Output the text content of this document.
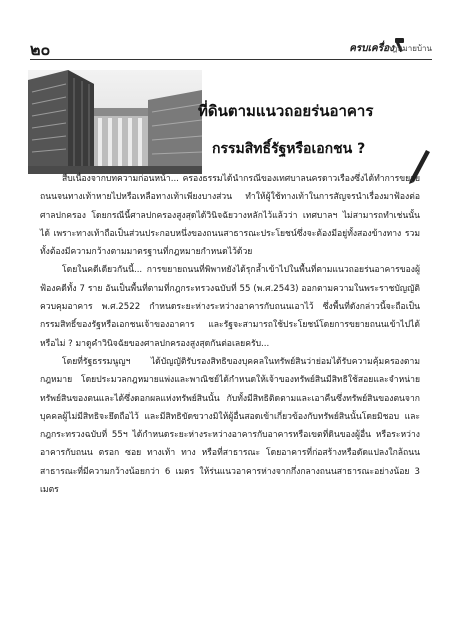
๒๐	ครบเครื่อง
กฎหมายบ้าน
ที่ดินตามแนวถอยร่นอาคาร
กรรมสิทธิ์รัฐหรือเอกชน ?

สืบเนื่องจากบทความก่อนหน้า... ครองธรรมได้นำกรณีของเทศบาลนครดาวเรืองซึ่งได้ทำการขยายถนนจนทางเท้าหายไปหรือเหลือทางเท้าเพียงบางส่วน ทำให้ผู้ใช้ทางเท้าในการสัญจรนำเรื่องมาฟ้องต่อศาลปกครอง โดยกรณีนี้ศาลปกครองสูงสุดได้วินิจฉัยวางหลักไว้แล้วว่า เทศบาลฯ ไม่สามารถทำเช่นนั้นได้ เพราะทางเท้าถือเป็นส่วนประกอบหนึ่งของถนนสาธารณะประโยชน์ซึ่งจะต้องมีอยู่ทั้งสองข้างทาง รวมทั้งต้องมีความกว้างตามมาตรฐานที่กฎหมายกำหนดไว้ด้วย

โดยในคดีเดียวกันนี้... การขยายถนนที่พิพาทยังได้รุกล้ำเข้าไปในพื้นที่ตามแนวถอยร่นอาคารของผู้ฟ้องคดีทั้ง 7 ราย อันเป็นพื้นที่ตามที่กฎกระทรวงฉบับที่ 55 (พ.ศ.2543) ออกตามความในพระราชบัญญัติควบคุมอาคาร พ.ศ.2522 กำหนดระยะห่างระหว่างอาคารกับถนนเอาไว้ ซึ่งพื้นที่ดังกล่าวนี้จะถือเป็นกรรมสิทธิ์ของรัฐหรือเอกชนเจ้าของอาคาร และรัฐจะสามารถใช้ประโยชน์โดยการขยายถนนเข้าไปได้หรือไม่ ? มาดูคำวินิจฉัยของศาลปกครองสูงสุดกันต่อเลยครับ...

โดยที่รัฐธรรมนูญฯ ได้บัญญัติรับรองสิทธิของบุคคลในทรัพย์สินว่าย่อมได้รับความคุ้มครองตามกฎหมาย โดยประมวลกฎหมายแพ่งและพาณิชย์ได้กำหนดให้เจ้าของทรัพย์สินมีสิทธิใช้สอยและจำหน่ายทรัพย์สินของตนและได้ซึ่งดอกผลแห่งทรัพย์สินนั้น กับทั้งมีสิทธิติดตามและเอาคืนซึ่งทรัพย์สินของตนจากบุคคลผู้ไม่มีสิทธิจะยึดถือไว้ และมีสิทธิขัดขวางมิให้ผู้อื่นสอดเข้าเกี่ยวข้องกับทรัพย์สินนั้นโดยมิชอบ และกฎกระทรวงฉบับที่ 55ฯ ได้กำหนดระยะห่างระหว่างอาคารกับอาคารหรือเขตที่ดินของผู้อื่น หรือระหว่างอาคารกับถนน ตรอก ซอย ทางเท้า ทาง หรือที่สาธารณะ โดยอาคารที่ก่อสร้างหรือดัดแปลงใกล้ถนนสาธารณะที่มีความกว้างน้อยกว่า 6 เมตร ให้ร่นแนวอาคารห่างจากกึ่งกลางถนนสาธารณะอย่างน้อย 3 เมตร
